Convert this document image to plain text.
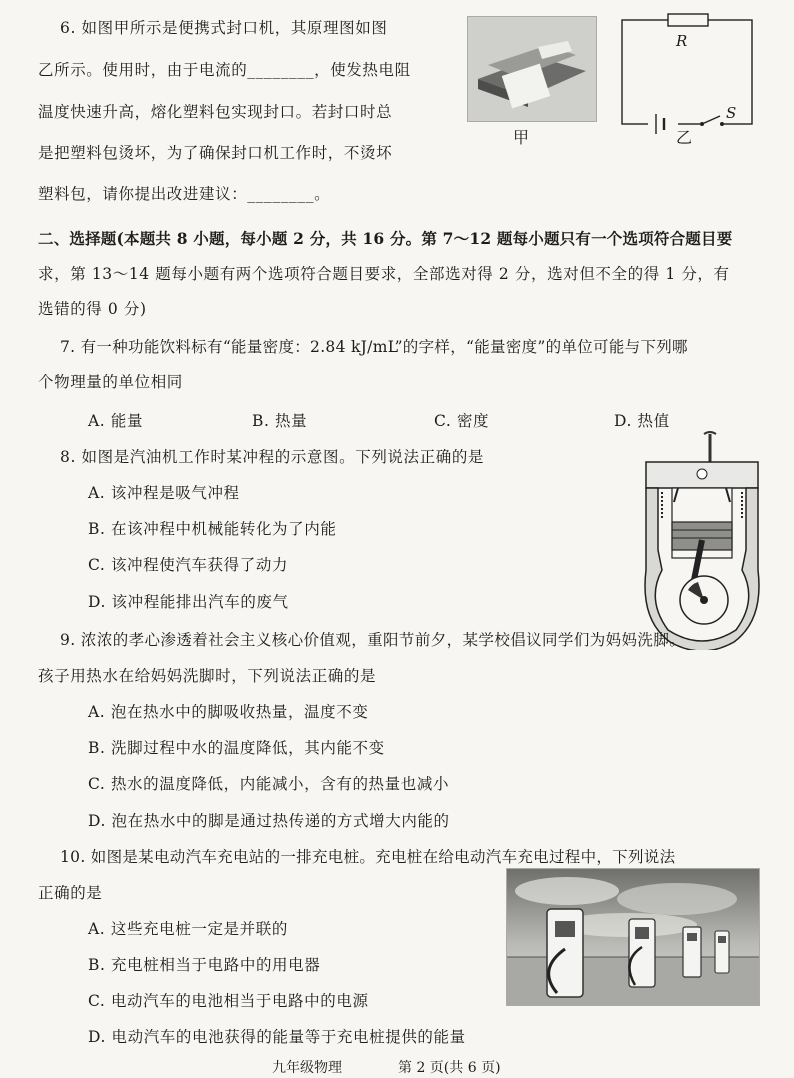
6. 如图甲所示是便携式封口机，其原理图如图
乙所示。使用时，由于电流的________，使发热电阻
温度快速升高，熔化塑料包实现封口。若封口时总
是把塑料包烫坏，为了确保封口机工作时，不烫坏
塑料包，请你提出改进建议：________。
甲
R
S
乙
二、选择题(本题共 8 小题，每小题 2 分，共 16 分。第 7～12 题每小题只有一个选项符合题目要
求，第 13～14 题每小题有两个选项符合题目要求，全部选对得 2 分，选对但不全的得 1 分，有
选错的得 0 分)
7. 有一种功能饮料标有“能量密度：2.84 kJ/mL”的字样，“能量密度”的单位可能与下列哪
个物理量的单位相同
A. 能量	B. 热量	C. 密度	D. 热值
8. 如图是汽油机工作时某冲程的示意图。下列说法正确的是
A. 该冲程是吸气冲程
B. 在该冲程中机械能转化为了内能
C. 该冲程使汽车获得了动力
D. 该冲程能排出汽车的废气
9. 浓浓的孝心渗透着社会主义核心价值观，重阳节前夕，某学校倡议同学们为妈妈洗脚。
孩子用热水在给妈妈洗脚时，下列说法正确的是
A. 泡在热水中的脚吸收热量，温度不变
B. 洗脚过程中水的温度降低，其内能不变
C. 热水的温度降低，内能减小，含有的热量也减小
D. 泡在热水中的脚是通过热传递的方式增大内能的
10. 如图是某电动汽车充电站的一排充电桩。充电桩在给电动汽车充电过程中，下列说法
正确的是
A. 这些充电桩一定是并联的
B. 充电桩相当于电路中的用电器
C. 电动汽车的电池相当于电路中的电源
D. 电动汽车的电池获得的能量等于充电桩提供的能量
九年级物理	第 2 页(共 6 页)
